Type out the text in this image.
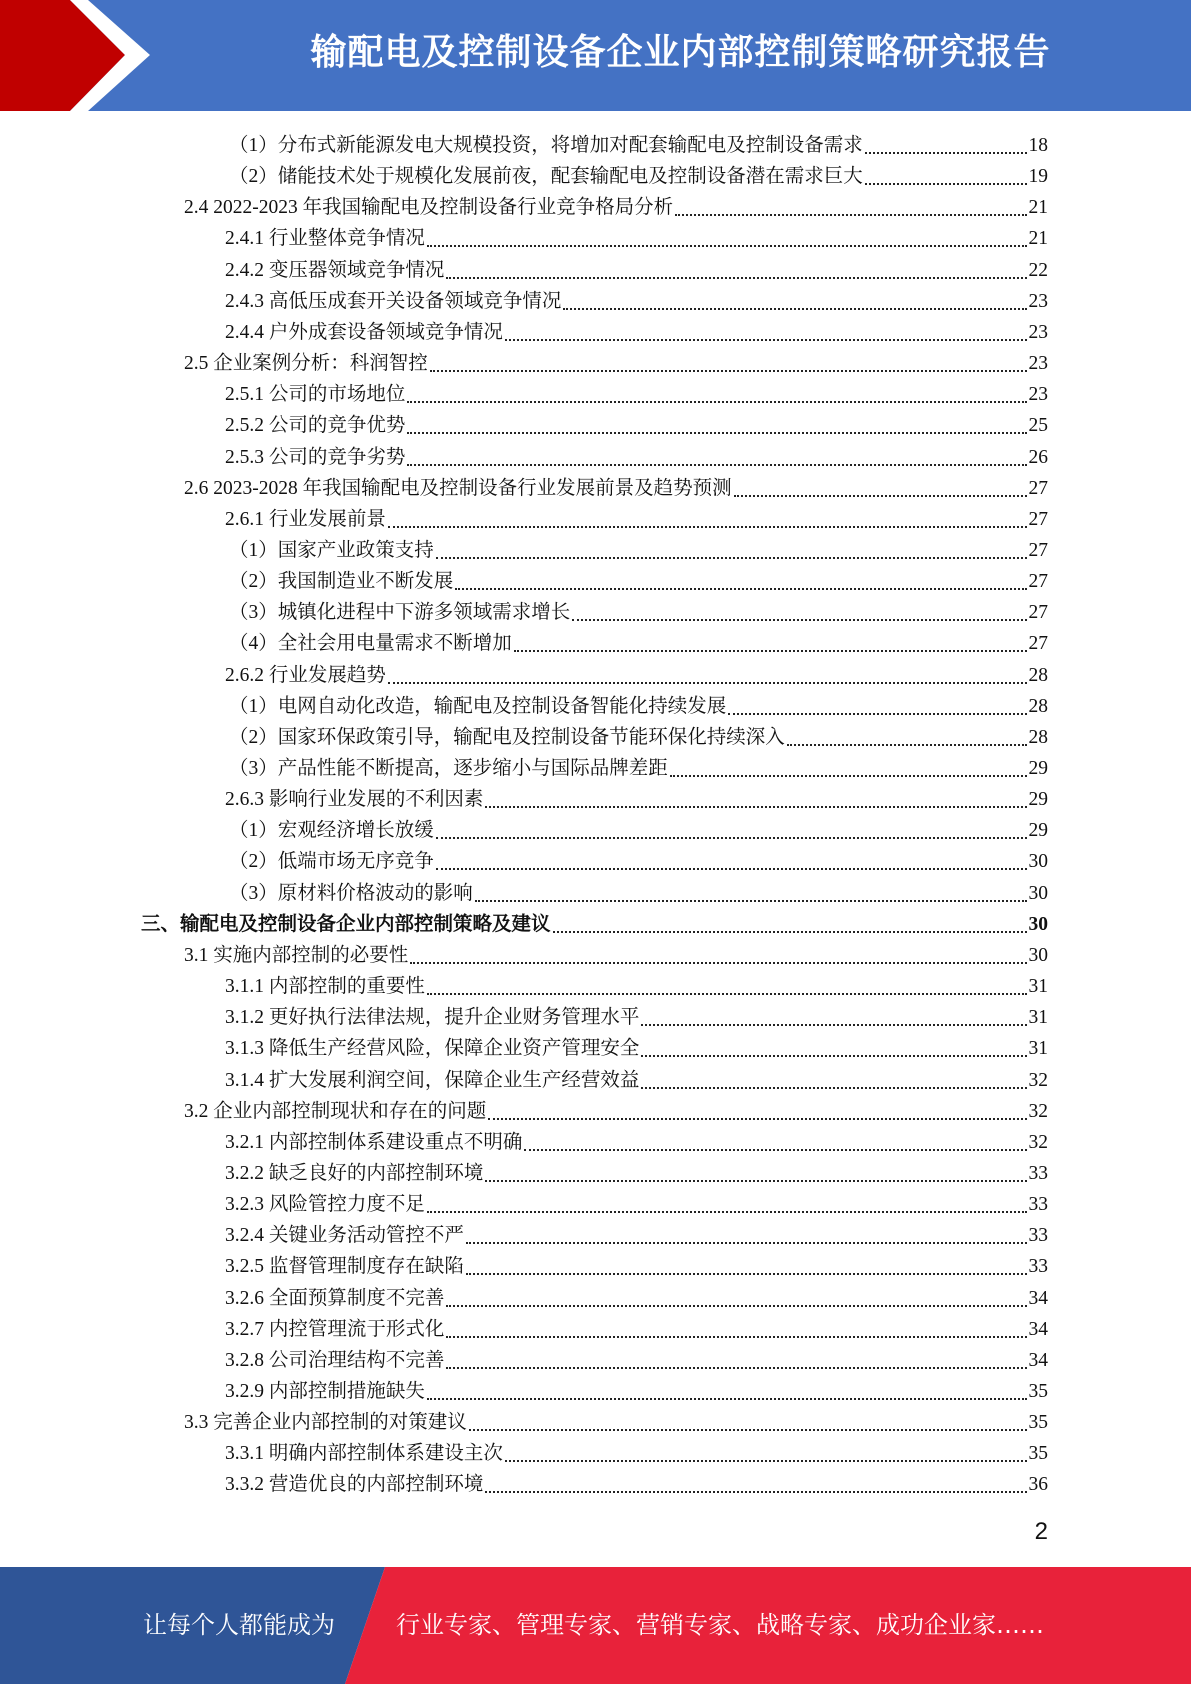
输配电及控制设备企业内部控制策略研究报告
（1）分布式新能源发电大规模投资，将增加对配套输配电及控制设备需求	18
（2）储能技术处于规模化发展前夜，配套输配电及控制设备潜在需求巨大	19
2.4 2022-2023 年我国输配电及控制设备行业竞争格局分析	21
2.4.1 行业整体竞争情况	21
2.4.2 变压器领域竞争情况	22
2.4.3 高低压成套开关设备领域竞争情况	23
2.4.4 户外成套设备领域竞争情况	23
2.5 企业案例分析：科润智控	23
2.5.1 公司的市场地位	23
2.5.2 公司的竞争优势	25
2.5.3 公司的竞争劣势	26
2.6 2023-2028 年我国输配电及控制设备行业发展前景及趋势预测	27
2.6.1 行业发展前景	27
（1）国家产业政策支持	27
（2）我国制造业不断发展	27
（3）城镇化进程中下游多领域需求增长	27
（4）全社会用电量需求不断增加	27
2.6.2 行业发展趋势	28
（1）电网自动化改造，输配电及控制设备智能化持续发展	28
（2）国家环保政策引导，输配电及控制设备节能环保化持续深入	28
（3）产品性能不断提高，逐步缩小与国际品牌差距	29
2.6.3 影响行业发展的不利因素	29
（1）宏观经济增长放缓	29
（2）低端市场无序竞争	30
（3）原材料价格波动的影响	30
三、输配电及控制设备企业内部控制策略及建议	30
3.1 实施内部控制的必要性	30
3.1.1 内部控制的重要性	31
3.1.2 更好执行法律法规，提升企业财务管理水平	31
3.1.3 降低生产经营风险，保障企业资产管理安全	31
3.1.4 扩大发展利润空间，保障企业生产经营效益	32
3.2 企业内部控制现状和存在的问题	32
3.2.1 内部控制体系建设重点不明确	32
3.2.2 缺乏良好的内部控制环境	33
3.2.3 风险管控力度不足	33
3.2.4 关键业务活动管控不严	33
3.2.5 监督管理制度存在缺陷	33
3.2.6 全面预算制度不完善	34
3.2.7 内控管理流于形式化	34
3.2.8 公司治理结构不完善	34
3.2.9 内部控制措施缺失	35
3.3 完善企业内部控制的对策建议	35
3.3.1 明确内部控制体系建设主次	35
3.3.2 营造优良的内部控制环境	36
2
让每个人都能成为	行业专家、管理专家、营销专家、战略专家、成功企业家……
